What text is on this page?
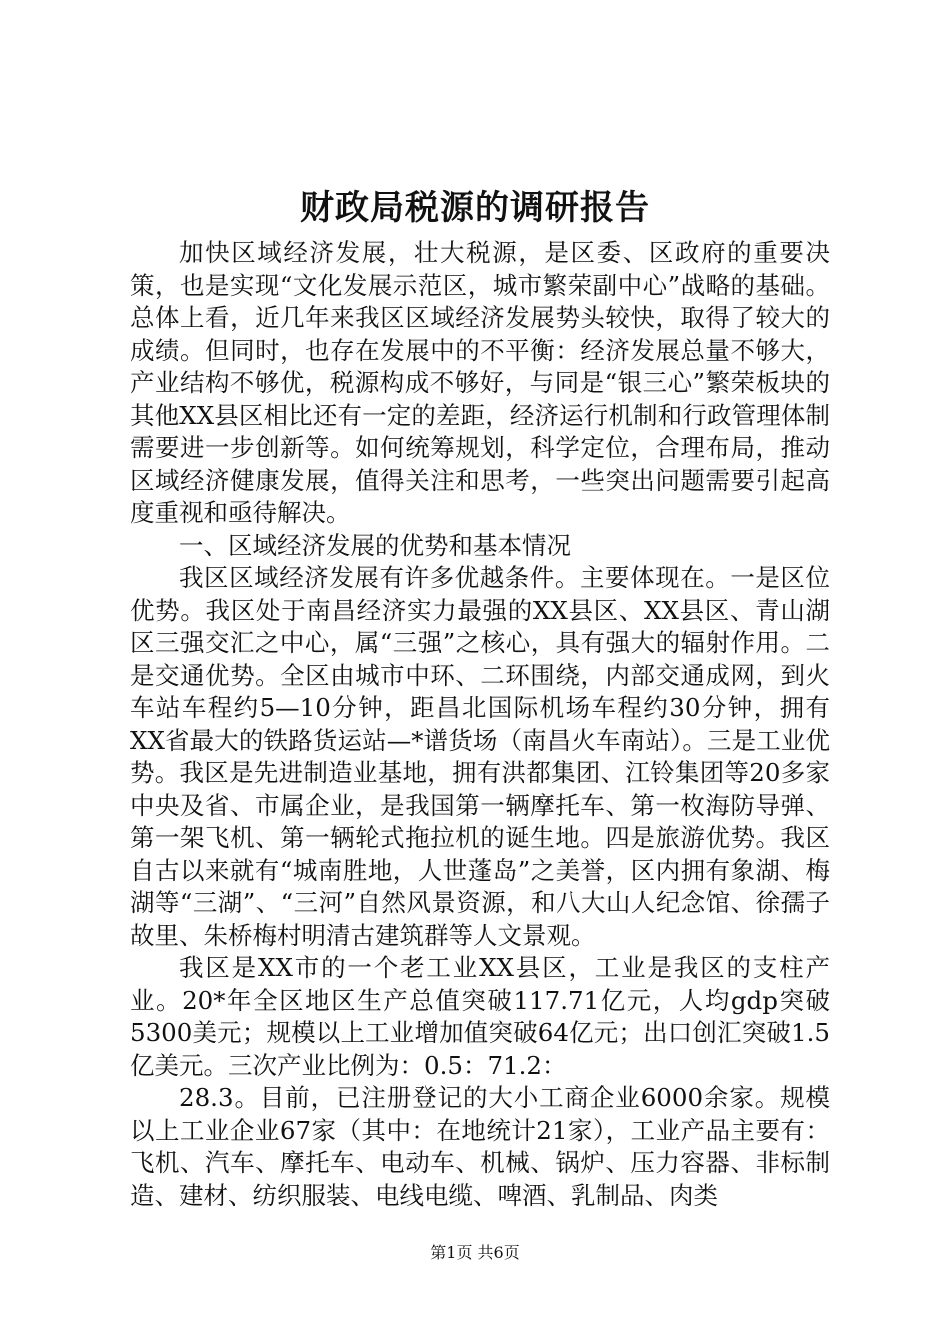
财政局税源的调研报告

加快区域经济发展，壮大税源，是区委、区政府的重要决策，也是实现“文化发展示范区，城市繁荣副中心”战略的基础。总体上看，近几年来我区区域经济发展势头较快，取得了较大的成绩。但同时，也存在发展中的不平衡：经济发展总量不够大，产业结构不够优，税源构成不够好，与同是“银三心”繁荣板块的其他XX县区相比还有一定的差距，经济运行机制和行政管理体制需要进一步创新等。如何统筹规划，科学定位，合理布局，推动区域经济健康发展，值得关注和思考，一些突出问题需要引起高度重视和亟待解决。

一、区域经济发展的优势和基本情况

我区区域经济发展有许多优越条件。主要体现在。一是区位优势。我区处于南昌经济实力最强的XX县区、XX县区、青山湖区三强交汇之中心，属“三强”之核心，具有强大的辐射作用。二是交通优势。全区由城市中环、二环围绕，内部交通成网，到火车站车程约5—10分钟，距昌北国际机场车程约30分钟，拥有XX省最大的铁路货运站—*谱货场（南昌火车南站）。三是工业优势。我区是先进制造业基地，拥有洪都集团、江铃集团等20多家中央及省、市属企业，是我国第一辆摩托车、第一枚海防导弹、第一架飞机、第一辆轮式拖拉机的诞生地。四是旅游优势。我区自古以来就有“城南胜地，人世蓬岛”之美誉，区内拥有象湖、梅湖等“三湖”、“三河”自然风景资源，和八大山人纪念馆、徐孺子故里、朱桥梅村明清古建筑群等人文景观。

我区是XX市的一个老工业XX县区，工业是我区的支柱产业。20*年全区地区生产总值突破117.71亿元，人均gdp突破5300美元；规模以上工业增加值突破64亿元；出口创汇突破1.5亿美元。三次产业比例为：0.5：71.2：

28.3。目前，已注册登记的大小工商企业6000余家。规模以上工业企业67家（其中：在地统计21家），工业产品主要有：飞机、汽车、摩托车、电动车、机械、锅炉、压力容器、非标制造、建材、纺织服装、电线电缆、啤酒、乳制品、肉类

第1页 共6页
